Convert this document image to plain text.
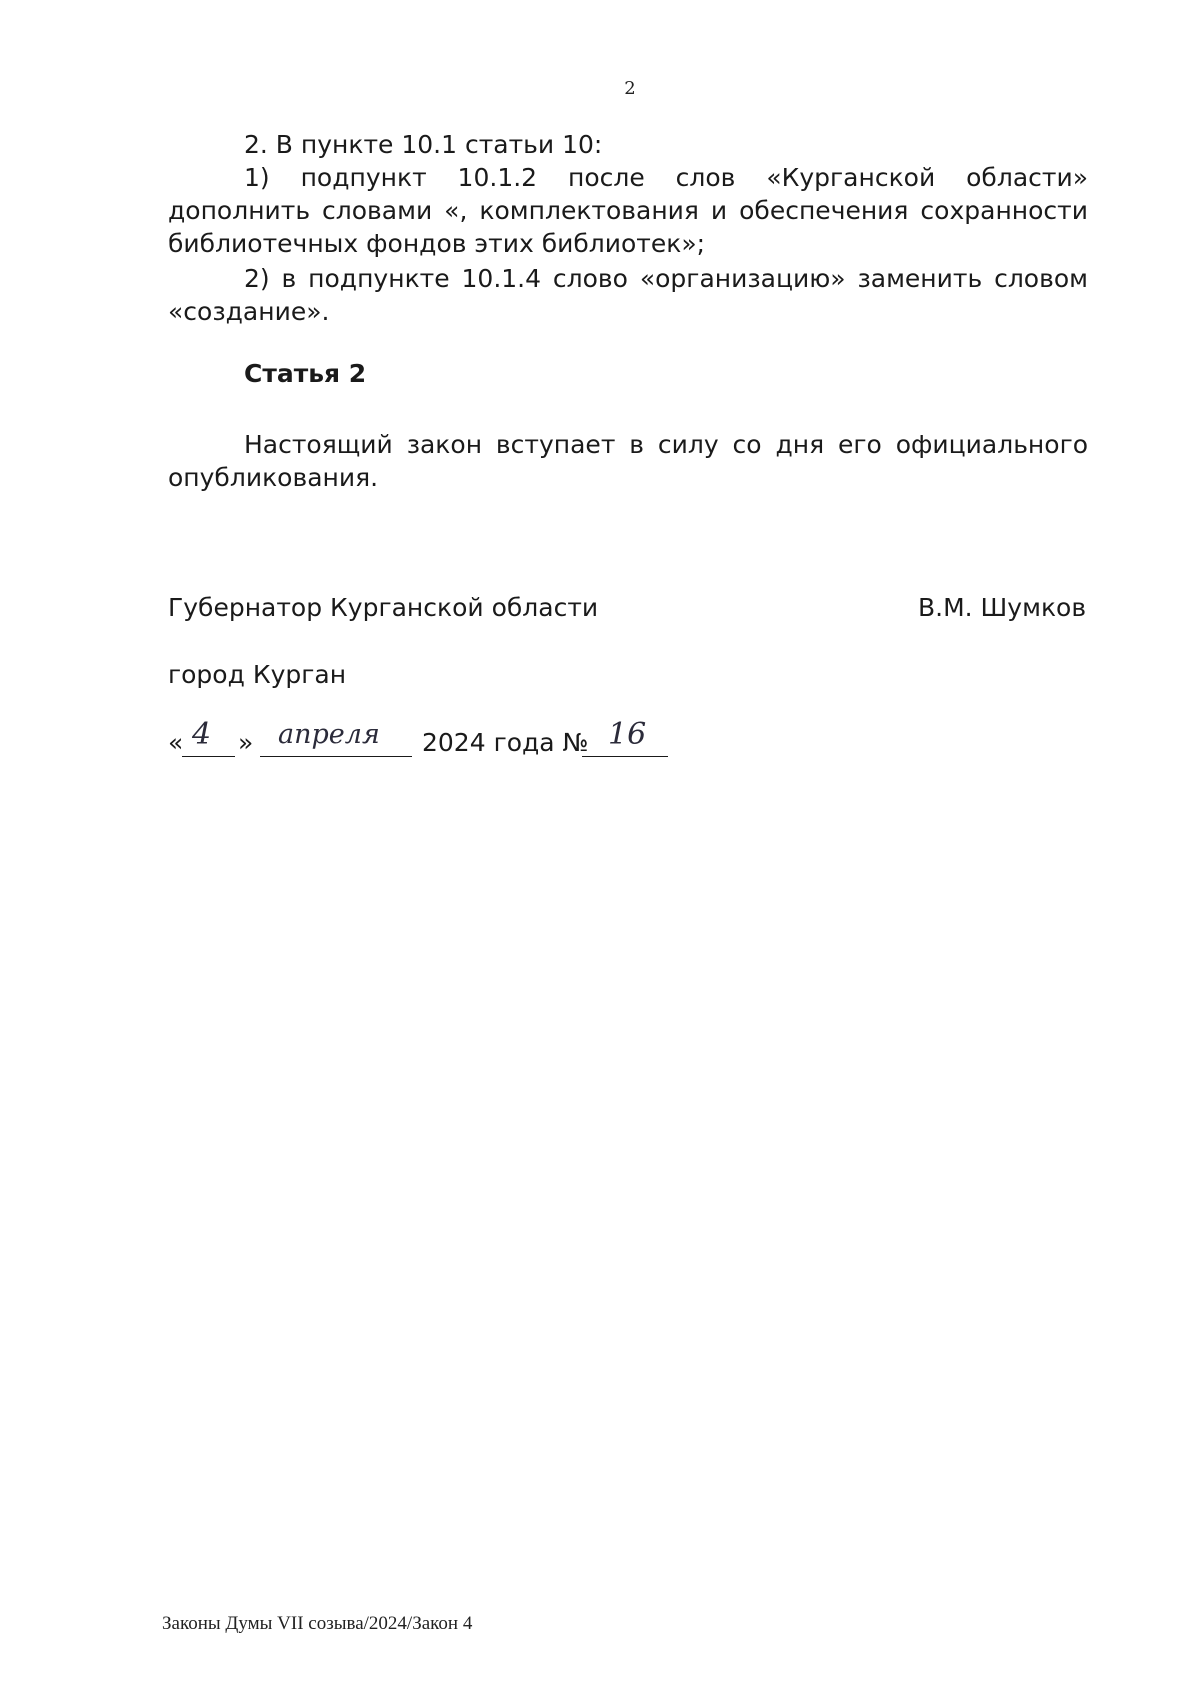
2
2. В пункте 10.1 статьи 10:
1) подпункт 10.1.2 после слов «Курганской области» дополнить словами «, комплектования и обеспечения сохранности библиотечных фондов этих библиотек»;
2) в подпункте 10.1.4 слово «организацию» заменить словом «создание».
Статья 2
Настоящий закон вступает в силу со дня его официального опубликования.
Губернатор Курганской области	В.М. Шумков
город Курган
« 4 » апреля 2024 года № 16
Законы Думы VII созыва/2024/Закон 4
